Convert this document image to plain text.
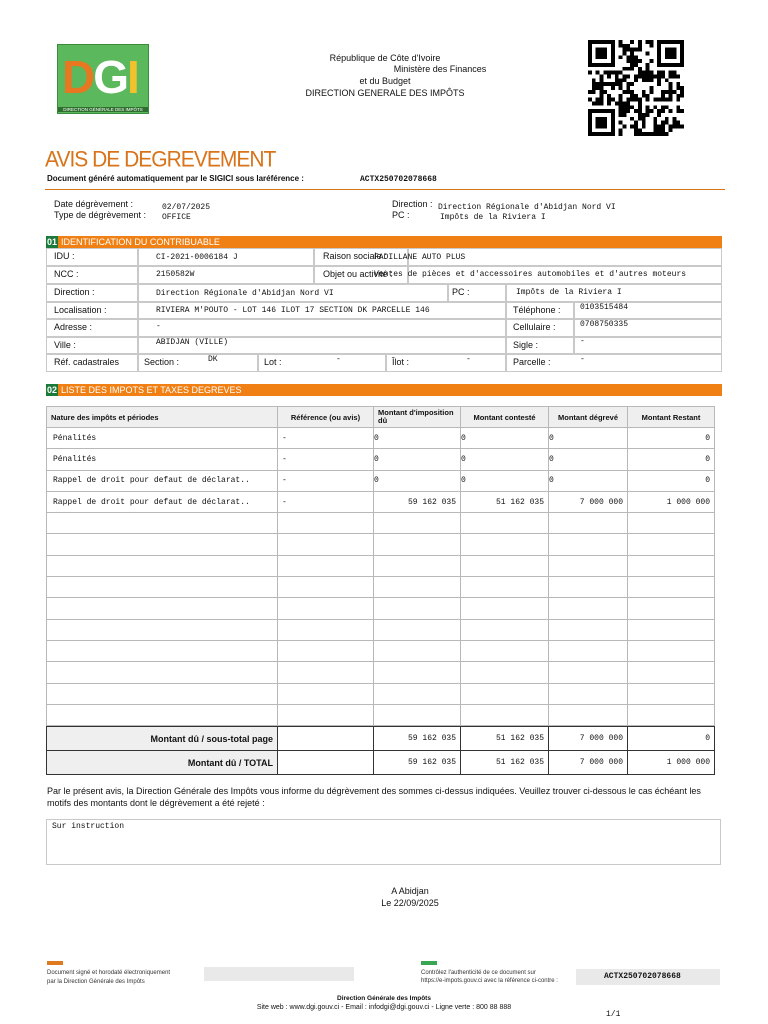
DGI
DIRECTION GÉNÉRALE DES IMPÔTS
République de Côte d'Ivoire
Ministère des Finances
et du Budget
DIRECTION GENERALE DES IMPÔTS
AVIS DE DEGREVEMENT
Document généré automatiquement par le SIGICI sous laréférence :	ACTX250702078668
Date dégrèvement :	02/07/2025
Type de dégrèvement : OFFICE
Direction : Direction Régionale d'Abidjan Nord VI
PC :	Impôts de la Riviera I
01 IDENTIFICATION DU CONTRIBUABLE
IDU :	CI-2021-0006184 J	Raison sociale :
FADILLANE AUTO PLUS
NCC :	2150582W	Objet ou activité :
Ventes de pièces et d'accessoires automobiles et d'autres moteurs
Direction :	Direction Régionale d'Abidjan Nord VI	PC :	Impôts de la Riviera I
Localisation :	RIVIERA M'POUTO - LOT 146 ILOT 17 SECTION DK PARCELLE 146	Téléphone : 0103515484
Adresse :	-	Cellulaire :	0708750335
Ville :	ABIDJAN (VILLE)	Sigle :	-
Réf. cadastrales	Section :	DK	Lot :	-	Îlot :	-	Parcelle :	-
02 LISTE DES IMPOTS ET TAXES DEGREVES
Nature des impôts et périodes	Référence (ou avis)	Montant d'imposition dû	Montant contesté	Montant dégrevé	Montant Restant
Pénalités	-	0	0	0	0
Pénalités	-	0	0	0	0
Rappel de droit pour defaut de déclarat..	-	0	0	0	0
Rappel de droit pour defaut de déclarat..	-	59 162 035	51 162 035	7 000 000	1 000 000

Montant dû / sous-total page		59 162 035	51 162 035	7 000 000	0
Montant dû / TOTAL		59 162 035	51 162 035	7 000 000	1 000 000
Par le présent avis, la Direction Générale des Impôts vous informe du dégrèvement des sommes ci-dessus indiquées. Veuillez trouver ci-dessous le cas échéant les motifs des montants dont le dégrèvement a été rejeté :
Sur instruction
A Abidjan
Le 22/09/2025
Document signé et horodaté électroniquement
par la Direction Générale des Impôts
Contrôlez l'authenticité de ce document sur
https://e-impots.gouv.ci avec la référence ci-contre :	ACTX250702078668
Direction Générale des Impôts
Site web : www.dgi.gouv.ci - Email : infodgi@dgi.gouv.ci - Ligne verte : 800 88 888
1/1
